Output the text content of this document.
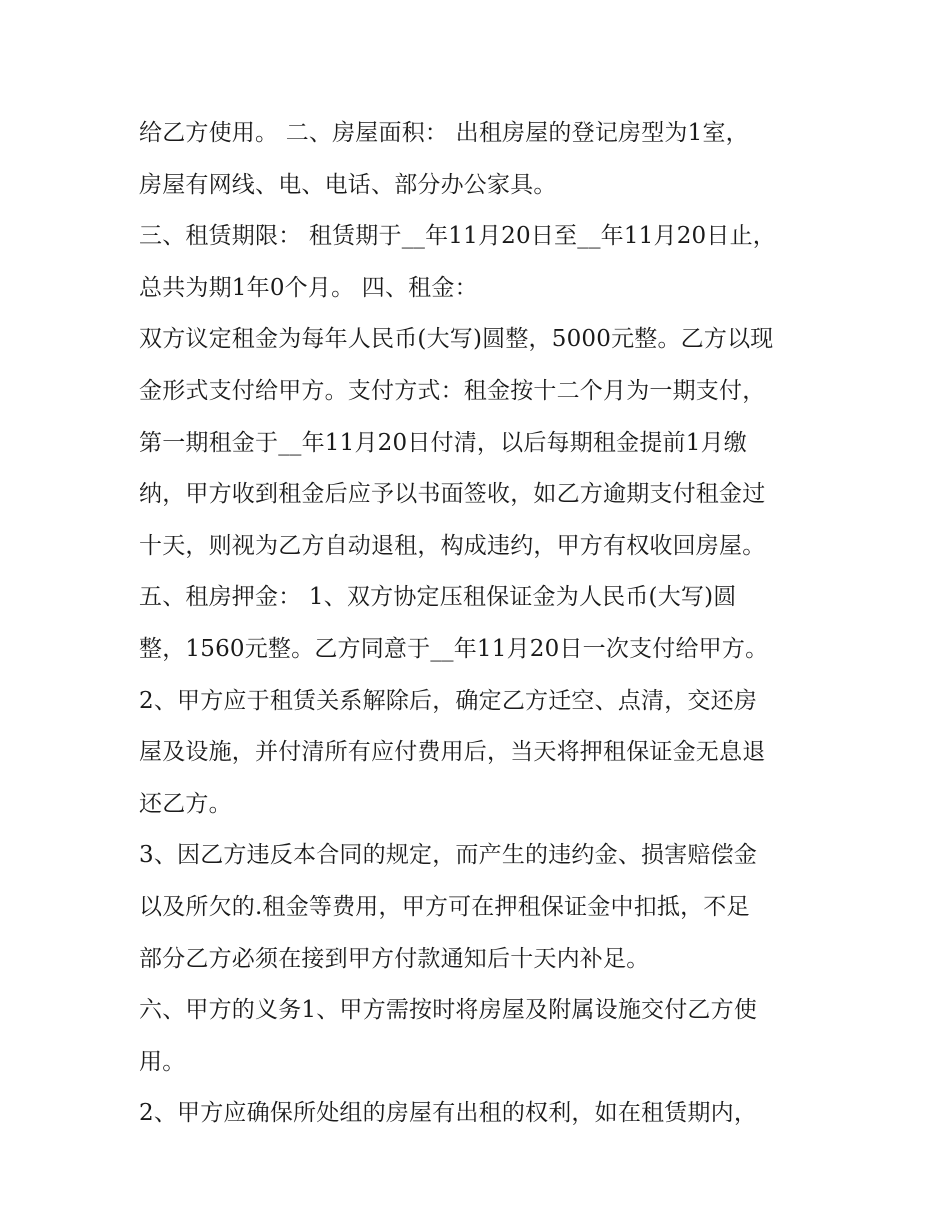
给乙方使用。 二、房屋面积： 出租房屋的登记房型为1室，
房屋有网线、电、电话、部分办公家具。
三、租赁期限： 租赁期于__年11月20日至__年11月20日止，
总共为期1年0个月。 四、租金：
双方议定租金为每年人民币(大写)圆整，5000元整。乙方以现
金形式支付给甲方。支付方式：租金按十二个月为一期支付，
第一期租金于__年11月20日付清，以后每期租金提前1月缴
纳，甲方收到租金后应予以书面签收，如乙方逾期支付租金过
十天，则视为乙方自动退租，构成违约，甲方有权收回房屋。
五、租房押金： 1、双方协定压租保证金为人民币(大写)圆
整，1560元整。乙方同意于__年11月20日一次支付给甲方。
2、甲方应于租赁关系解除后，确定乙方迁空、点清，交还房
屋及设施，并付清所有应付费用后，当天将押租保证金无息退
还乙方。
3、因乙方违反本合同的规定，而产生的违约金、损害赔偿金
以及所欠的.租金等费用，甲方可在押租保证金中扣抵，不足
部分乙方必须在接到甲方付款通知后十天内补足。
六、甲方的义务1、甲方需按时将房屋及附属设施交付乙方使
用。
2、甲方应确保所处组的房屋有出租的权利，如在租赁期内，
